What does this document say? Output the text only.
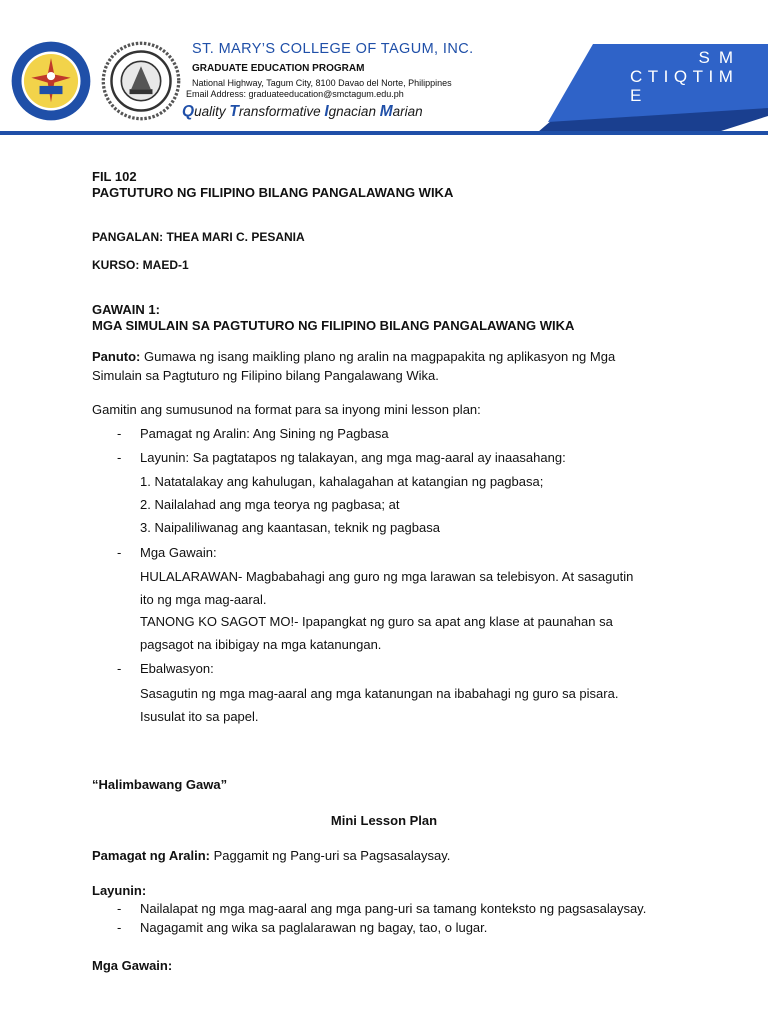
ST. MARY’S COLLEGE OF TAGUM, INC.
GRADUATE EDUCATION PROGRAM
National Highway, Tagum City, 8100 Davao del Norte, Philippines
Email Address: graduateeducation@smctagum.edu.ph
Quality Transformative Ignacian Marian
SM
CTIQTIM
E
FIL 102
PAGTUTURO NG FILIPINO BILANG PANGALAWANG WIKA
PANGALAN: THEA MARI C. PESANIA
KURSO: MAED-1
GAWAIN 1:
MGA SIMULAIN SA PAGTUTURO NG FILIPINO BILANG PANGALAWANG WIKA
Panuto: Gumawa ng isang maikling plano ng aralin na magpapakita ng aplikasyon ng Mga
Simulain sa Pagtuturo ng Filipino bilang Pangalawang Wika.
Gamitin ang sumusunod na format para sa inyong mini lesson plan:
- Pamagat ng Aralin: Ang Sining ng Pagbasa
- Layunin: Sa pagtatapos ng talakayan, ang mga mag-aaral ay inaasahang:
1. Natatalakay ang kahulugan, kahalagahan at katangian ng pagbasa;
2. Nailalahad ang mga teorya ng pagbasa; at
3. Naipaliliwanag ang kaantasan, teknik ng pagbasa
- Mga Gawain:
HULALARAWAN- Magbabahagi ang guro ng mga larawan sa telebisyon. At sasagutin
ito ng mga mag-aaral.
TANONG KO SAGOT MO!- Ipapangkat ng guro sa apat ang klase at paunahan sa
pagsagot na ibibigay na mga katanungan.
- Ebalwasyon:
Sasagutin ng mga mag-aaral ang mga katanungan na ibabahagi ng guro sa pisara.
Isusulat ito sa papel.
“Halimbawang Gawa”
Mini Lesson Plan
Pamagat ng Aralin: Paggamit ng Pang-uri sa Pagsasalaysay.
Layunin:
- Nailalapat ng mga mag-aaral ang mga pang-uri sa tamang konteksto ng pagsasalaysay.
- Nagagamit ang wika sa paglalarawan ng bagay, tao, o lugar.
Mga Gawain:
